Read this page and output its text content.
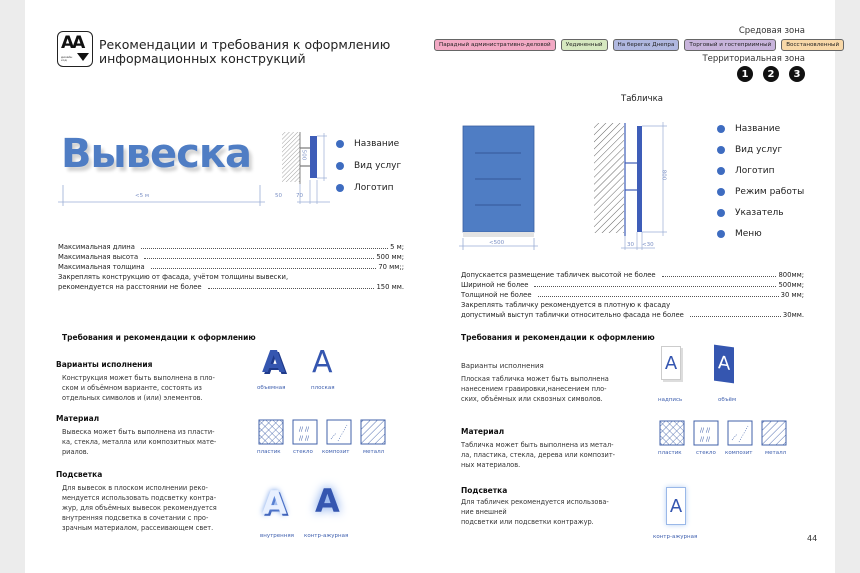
AA
дизайн код
Рекомендации и требования к оформлению
информационных конструкций
Средовая зона
Парадный административно-деловой	Уединенный	На берегах Днепра	Торговый и гостеприимный	Восстановленный
Территориальная зона
1	2	3
Вывеска
<5 м
500
50	70
Название
Вид услуг
Логотип
Максимальная длина	5 м;
Максимальная высота	500 мм;
Максимальная толщина	70 мм;;
Закреплять конструкцию от фасада, учётом толщины вывески,
рекомендуется на расстоянии не более	150 мм.
Требования и рекомендации к оформлению
Варианты исполнения
Конструкция может быть выполнена в пло-
ском и объёмном варианте, состоять из
отдельных символов и (или) элементов.
Материал
Вывеска может быть выполнена из пласти-
ка, стекла, металла или композитных мате-
риалов.
Подсветка
Для вывесок в плоском исполнении реко-
мендуется использовать подсветку контра-
жур, для объёмных вывесок рекомендуется
внутренняя подсветка в сочетании с про-
зрачным материалом, рассеивающем свет.
A A
объемная	плоская
// //
// //
пластик стекло композит металл
A A
внутренняя контр-ажурная
Табличка
<500
800
30 <30
Название
Вид услуг
Логотип
Режим работы
Указатель
Меню
Допускается размещение табличек высотой не более	800мм;
Шириной не более	500мм;
Толщиной не более	30 мм;
Закреплять табличку рекомендуется в плотную к фасаду
допустимый выступ таблички относительно фасада не более	30мм.
Требования и рекомендации к оформлению
Варианты исполнения
Плоская табличка может быть выполнена
нанесением гравировки,нанесением пло-
ских, объёмных или сквозных символов.
Материал
Табличка может быть выполнена из метал-
ла, пластика, стекла, дерева или композит-
ных материалов.
Подсветка
Для табличек рекомендуется использова-
ние внешней
подсветки или подсветки контражур.
A A
надпись	объём
// //
// //
пластик	стекло композит металл
A
контр-ажурная	44
